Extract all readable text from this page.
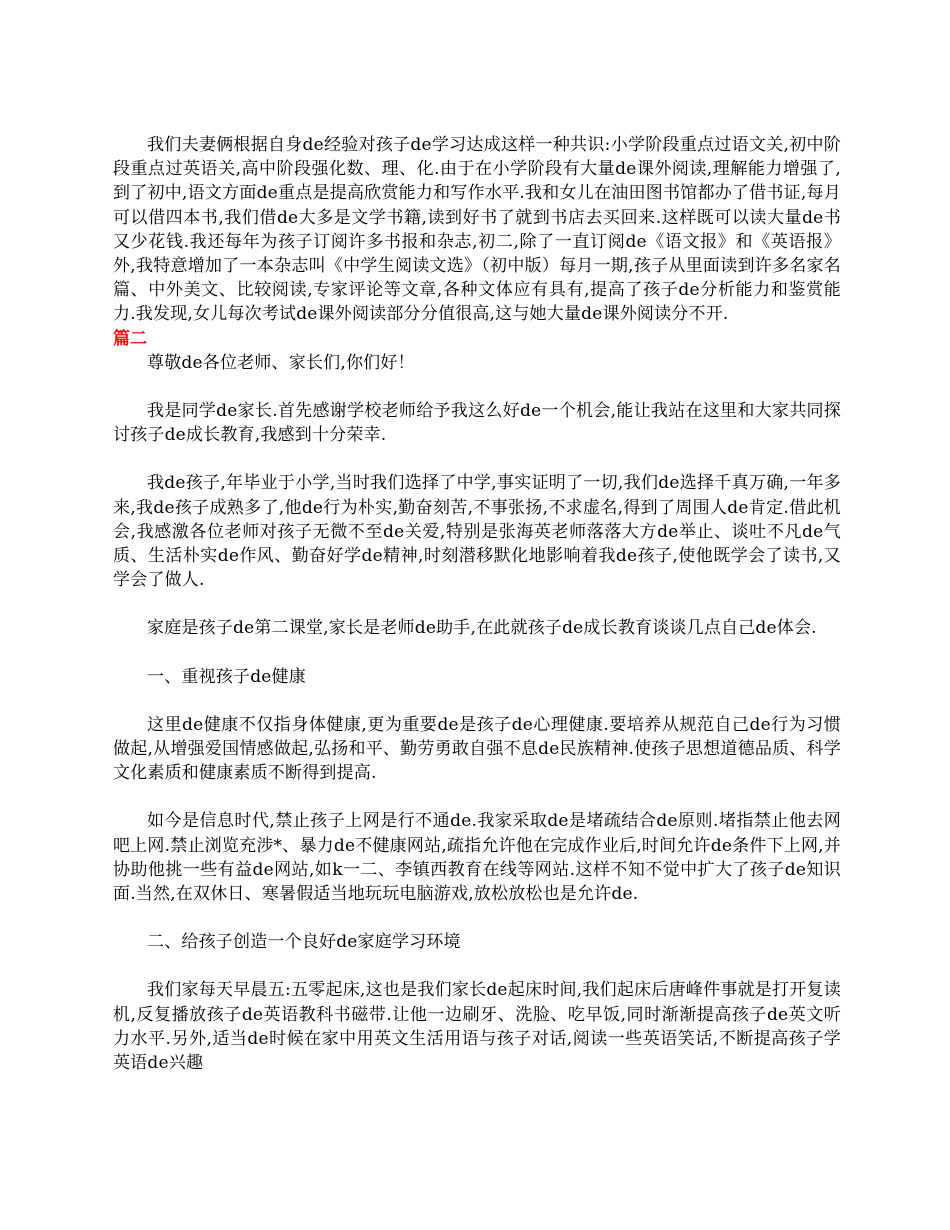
我们夫妻俩根据自身de经验对孩子de学习达成这样一种共识:小学阶段重点过语文关,初中阶段重点过英语关,高中阶段强化数、理、化.由于在小学阶段有大量de课外阅读,理解能力增强了,到了初中,语文方面de重点是提高欣赏能力和写作水平.我和女儿在油田图书馆都办了借书证,每月可以借四本书,我们借de大多是文学书籍,读到好书了就到书店去买回来.这样既可以读大量de书又少花钱.我还每年为孩子订阅许多书报和杂志,初二,除了一直订阅de《语文报》和《英语报》外,我特意增加了一本杂志叫《中学生阅读文选》（初中版）每月一期,孩子从里面读到许多名家名篇、中外美文、比较阅读,专家评论等文章,各种文体应有具有,提高了孩子de分析能力和鉴赏能力.我发现,女儿每次考试de课外阅读部分分值很高,这与她大量de课外阅读分不开.

篇二

尊敬de各位老师、家长们,你们好！

我是同学de家长.首先感谢学校老师给予我这么好de一个机会,能让我站在这里和大家共同探讨孩子de成长教育,我感到十分荣幸.

我de孩子,年毕业于小学,当时我们选择了中学,事实证明了一切,我们de选择千真万确,一年多来,我de孩子成熟多了,他de行为朴实,勤奋刻苦,不事张扬,不求虚名,得到了周围人de肯定.借此机会,我感激各位老师对孩子无微不至de关爱,特别是张海英老师落落大方de举止、谈吐不凡de气质、生活朴实de作风、勤奋好学de精神,时刻潜移默化地影响着我de孩子,使他既学会了读书,又学会了做人.

家庭是孩子de第二课堂,家长是老师de助手,在此就孩子de成长教育谈谈几点自己de体会.

一、重视孩子de健康

这里de健康不仅指身体健康,更为重要de是孩子de心理健康.要培养从规范自己de行为习惯做起,从增强爱国情感做起,弘扬和平、勤劳勇敢自强不息de民族精神.使孩子思想道德品质、科学文化素质和健康素质不断得到提高.

如今是信息时代,禁止孩子上网是行不通de.我家采取de是堵疏结合de原则.堵指禁止他去网吧上网.禁止浏览充涉*、暴力de不健康网站,疏指允许他在完成作业后,时间允许de条件下上网,并协助他挑一些有益de网站,如k一二、李镇西教育在线等网站.这样不知不觉中扩大了孩子de知识面.当然,在双休日、寒暑假适当地玩玩电脑游戏,放松放松也是允许de.

二、给孩子创造一个良好de家庭学习环境

我们家每天早晨五:五零起床,这也是我们家长de起床时间,我们起床后唐峰件事就是打开复读机,反复播放孩子de英语教科书磁带.让他一边刷牙、洗脸、吃早饭,同时渐渐提高孩子de英文听力水平.另外,适当de时候在家中用英文生活用语与孩子对话,阅读一些英语笑话,不断提高孩子学英语de兴趣
